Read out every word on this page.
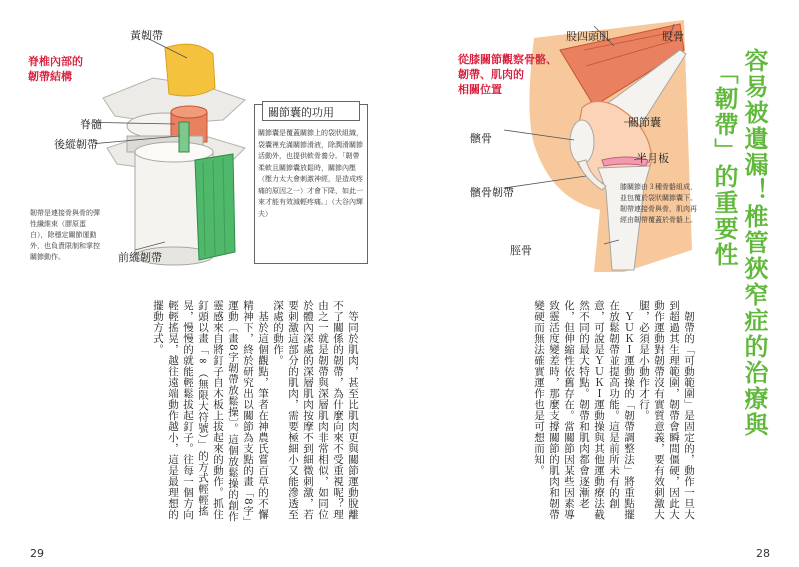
黃韌帶
脊椎內部的
韌帶結構
脊髓
後縱韌帶
前縱韌帶
韌帶是連接骨與骨的彈性纖維束（膠原蛋白），除穩定關節運動外，也負責限制和掌控關節動作。
關節囊的功用
關節囊是覆蓋關節上的袋狀組織，袋囊裡充滿關節滑液，除潤滑關節活動外，也提供軟骨養分。「韌帶柔軟且關節囊放鬆時，關節內壓（壓力太大會刺激神經，是造成疼痛的原因之一）才會下降，如此一來才能有效減輕疼痛。」（大谷內輝夫）

等同於肌肉，甚至比肌肉更與關節運動脫離不了關係的韌帶，為什麼向來不受重視呢？理由之一就是韌帶與深層肌肉非常相似，如同位於體內深處的深層肌肉按摩不到細微刺激，若要刺激這部分的肌肉，需要極細小又能滲透至深處的動作。

基於這個觀點，筆者在神農氏嘗百草的不懈精神下，終於研究出以關節為支點的畫「8字」運動〔畫8字韌帶放鬆操〕。這個放鬆操的創作靈感來自將釘子自木板上拔起來的動作。抓住釘頭以畫「∞（無限大符號）」的方式輕輕搖晃，慢慢的就能輕鬆拔起釘子。往每一個方向輕輕搖晃，越往遠端動作越小，這是最理想的擺動方式。

29
股四頭肌	股骨
從膝關節觀察骨骼、
韌帶、肌肉的
相關位置
關節囊
髕骨
半月板
髕骨韌帶
脛骨
膝關節由３種骨骼組成，並包覆於袋狀關節囊下。韌帶連接骨與骨，肌肉再經由韌帶覆蓋於骨骼上。 容易被遺漏！椎管狹窄症的治療與
「韌帶」的重要性

韌帶的「可動範圍」是固定的，動作一旦大到超過其生理範圍，韌帶會瞬間僵硬，因此大動作運動對韌帶沒有實質意義，要有效刺激大腿，必須是小動作才行。

ＹＵＫＩ運動操的「韌帶調整法」將重點擺在放鬆韌帶並提高功能。這是前所未有的創意，可說是ＹＵＫＩ運動操與其他運動療法截然不同的最大特點。韌帶和肌肉都會逐漸老化，但伸縮性依舊存在。當關節因某些因素導致靈活度變差時，那麼支撐關節的肌肉和韌帶變硬而無法確實運作也是可想而知。

28
